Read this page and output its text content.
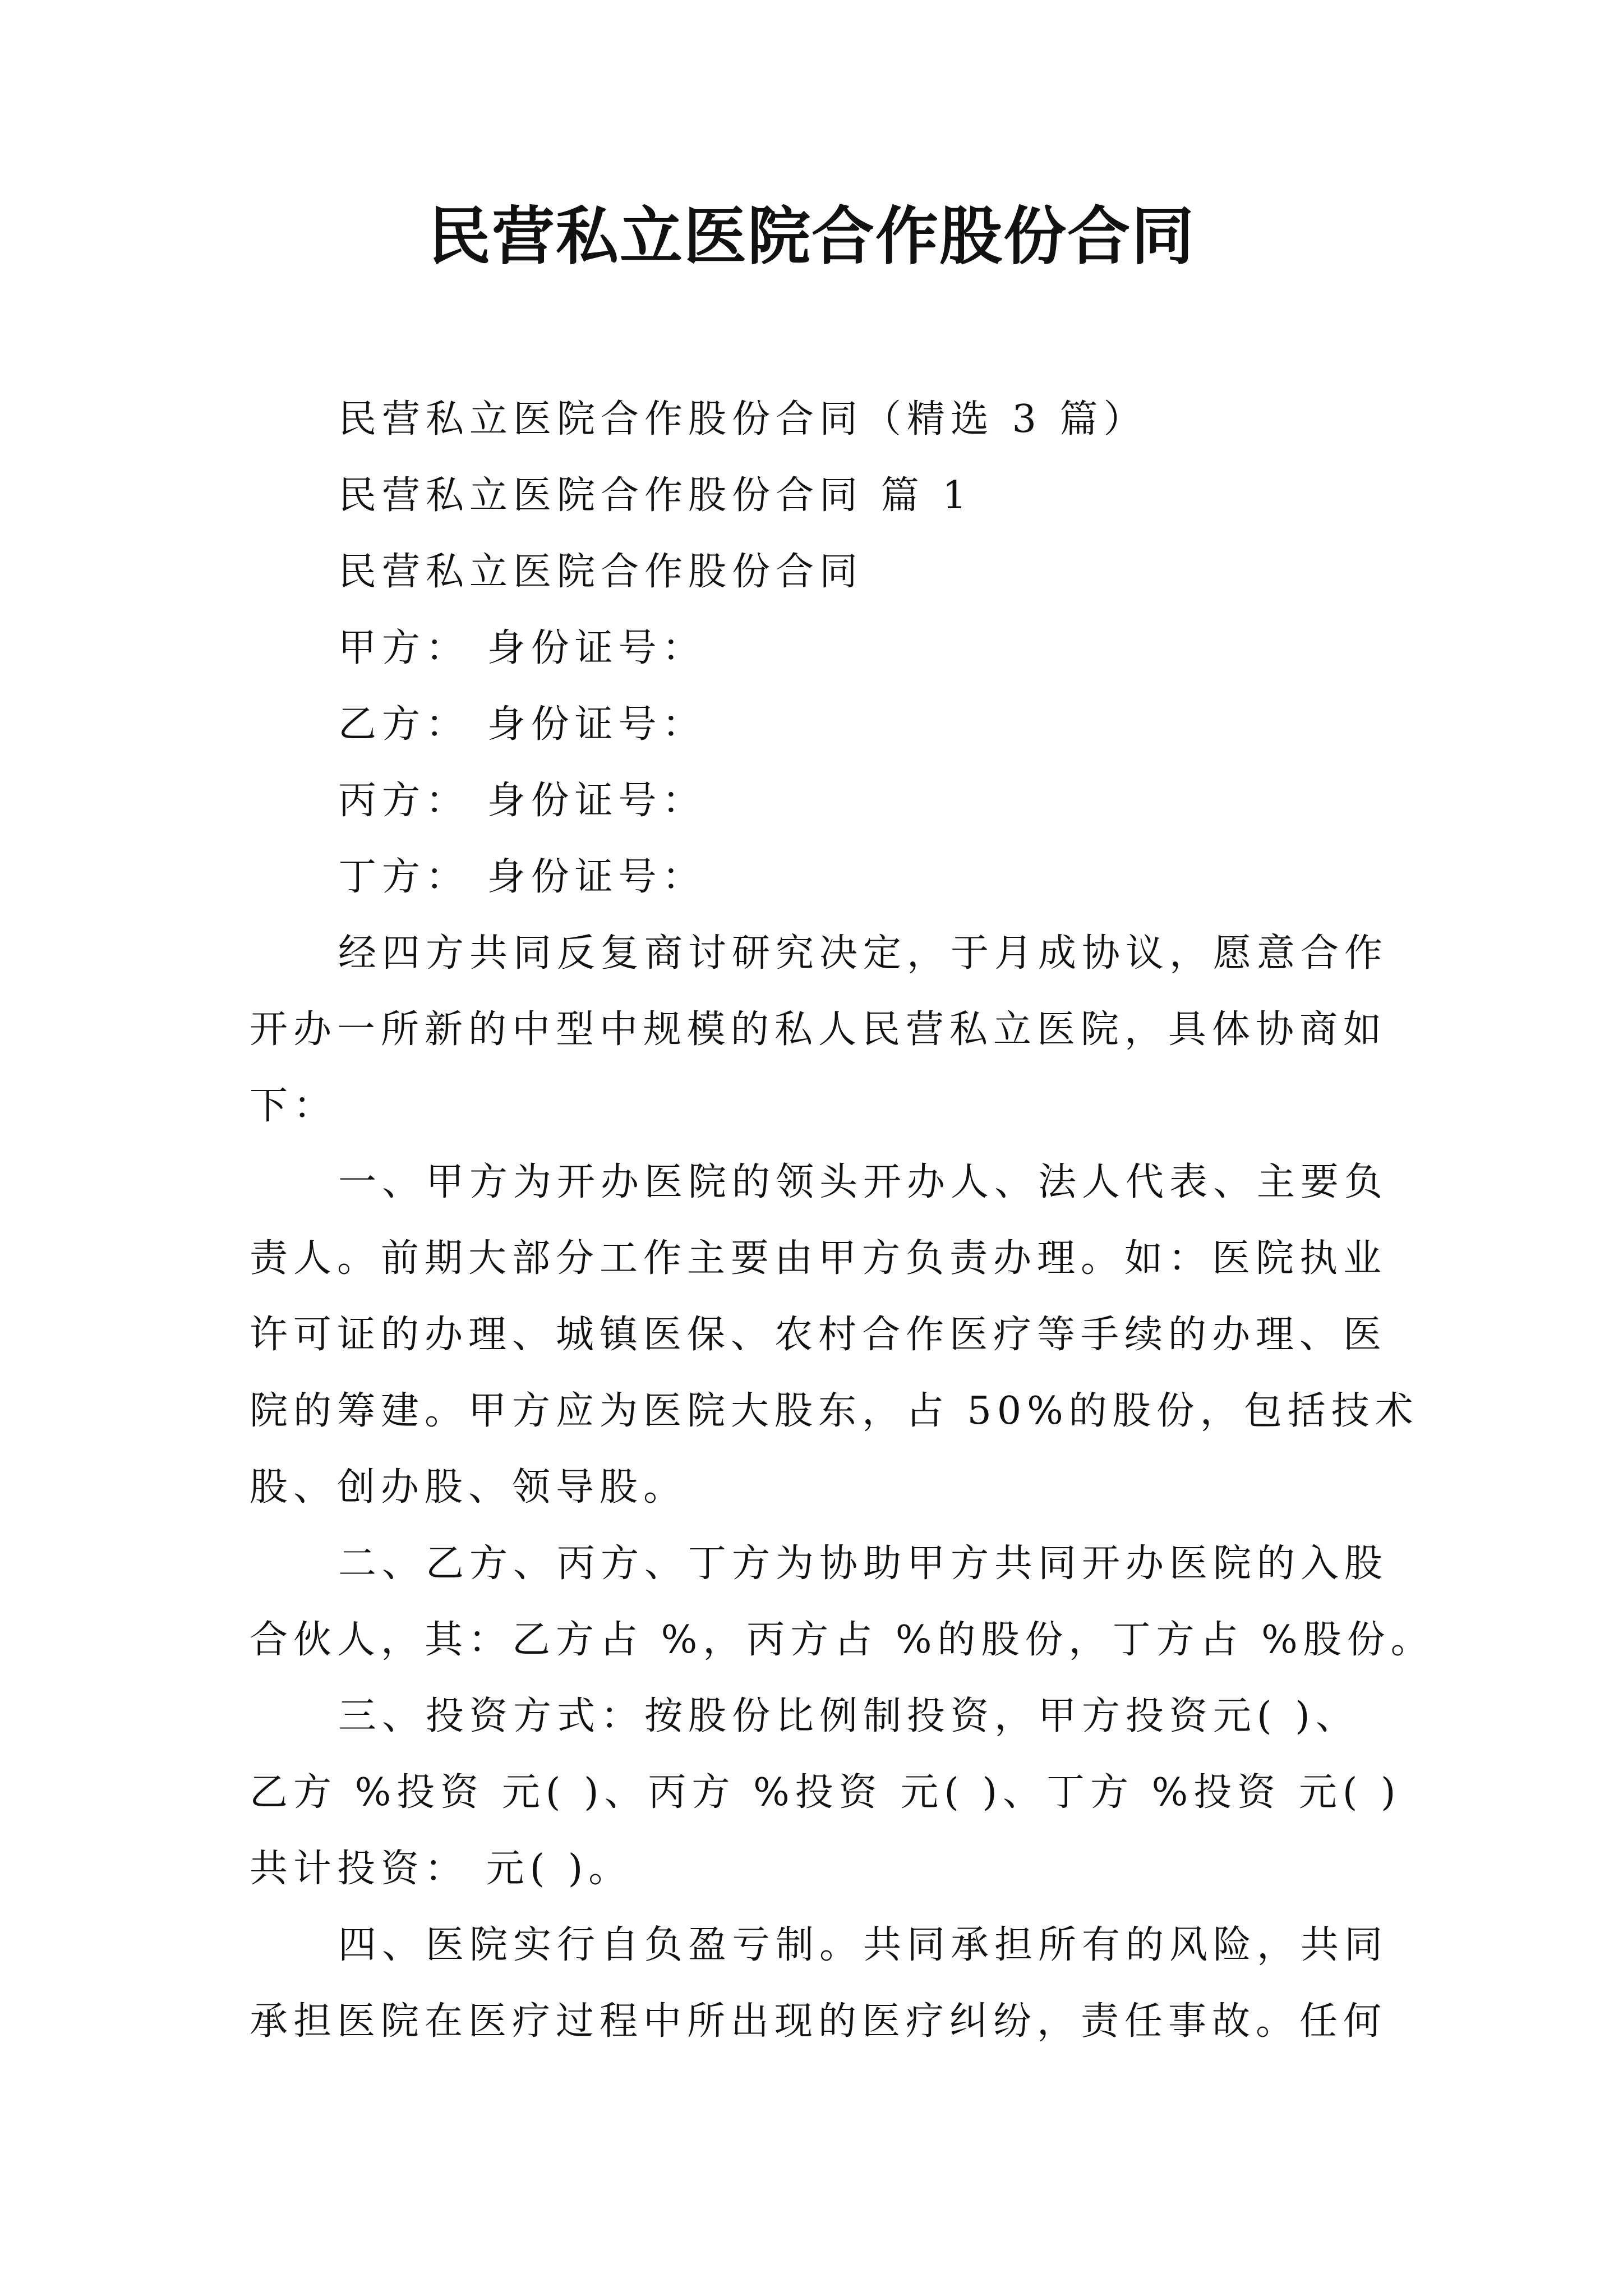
民营私立医院合作股份合同
民营私立医院合作股份合同（精选 3 篇）
民营私立医院合作股份合同 篇 1
民营私立医院合作股份合同
甲方： 身份证号：
乙方： 身份证号：
丙方： 身份证号：
丁方： 身份证号：
经四方共同反复商讨研究决定，于月成协议，愿意合作
开办一所新的中型中规模的私人民营私立医院，具体协商如
下：
一、甲方为开办医院的领头开办人、法人代表、主要负
责人。前期大部分工作主要由甲方负责办理。如：医院执业
许可证的办理、城镇医保、农村合作医疗等手续的办理、医
院的筹建。甲方应为医院大股东，占 50%的股份，包括技术
股、创办股、领导股。
二、乙方、丙方、丁方为协助甲方共同开办医院的入股
合伙人，其：乙方占 %，丙方占 %的股份，丁方占 %股份。
三、投资方式：按股份比例制投资，甲方投资元( )、
乙方 %投资 元( )、丙方 %投资 元( )、丁方 %投资 元( )
共计投资： 元( )。
四、医院实行自负盈亏制。共同承担所有的风险，共同
承担医院在医疗过程中所出现的医疗纠纷，责任事故。任何
